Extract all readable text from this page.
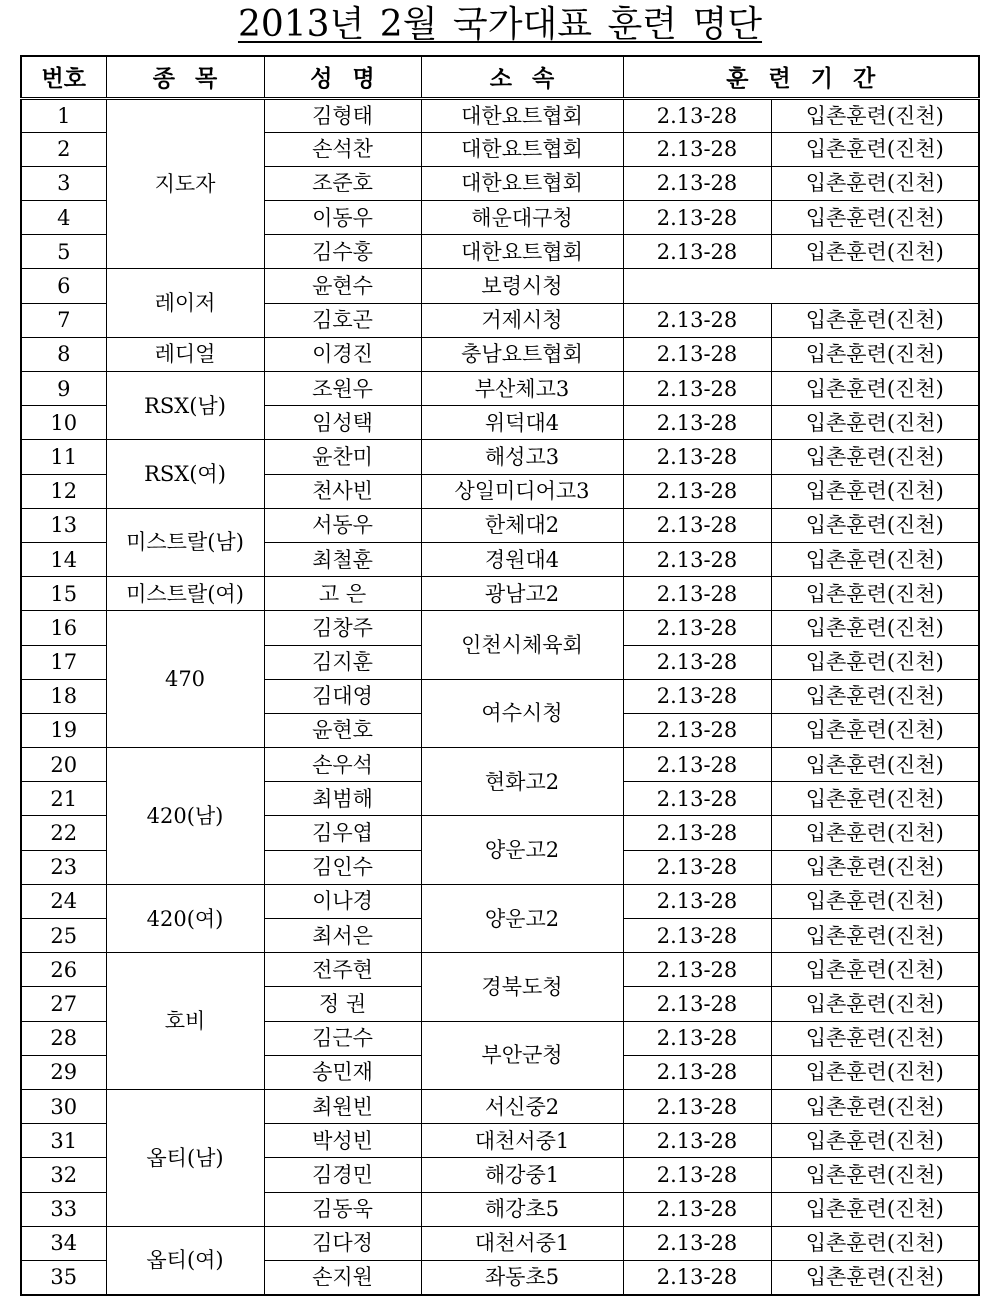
2013년 2월 국가대표 훈련 명단
번호	종 목	성 명	소 속	훈 련 기 간	
1	지도자	김형태	대한요트협회	2.13-28	입촌훈련(진천)
2		손석찬	대한요트협회	2.13-28	입촌훈련(진천)
3		조준호	대한요트협회	2.13-28	입촌훈련(진천)
4		이동우	해운대구청	2.13-28	입촌훈련(진천)
5		김수홍	대한요트협회	2.13-28	입촌훈련(진천)
6	레이저	윤현수	보령시청		
7		김호곤	거제시청	2.13-28	입촌훈련(진천)
8	레디얼	이경진	충남요트협회	2.13-28	입촌훈련(진천)
9	RSX(남)	조원우	부산체고3	2.13-28	입촌훈련(진천)
10		임성택	위덕대4	2.13-28	입촌훈련(진천)
11	RSX(여)	윤찬미	해성고3	2.13-28	입촌훈련(진천)
12		천사빈	상일미디어고3	2.13-28	입촌훈련(진천)
13	미스트랄(남)	서동우	한체대2	2.13-28	입촌훈련(진천)
14		최철훈	경원대4	2.13-28	입촌훈련(진천)
15	미스트랄(여)	고 은	광남고2	2.13-28	입촌훈련(진천)
16	470	김창주	인천시체육회	2.13-28	입촌훈련(진천)
17		김지훈		2.13-28	입촌훈련(진천)
18		김대영	여수시청	2.13-28	입촌훈련(진천)
19		윤현호		2.13-28	입촌훈련(진천)
20	420(남)	손우석	현화고2	2.13-28	입촌훈련(진천)
21		최범해		2.13-28	입촌훈련(진천)
22		김우엽	양운고2	2.13-28	입촌훈련(진천)
23		김인수		2.13-28	입촌훈련(진천)
24	420(여)	이나경	양운고2	2.13-28	입촌훈련(진천)
25		최서은		2.13-28	입촌훈련(진천)
26	호비	전주현	경북도청	2.13-28	입촌훈련(진천)
27		정 권		2.13-28	입촌훈련(진천)
28		김근수	부안군청	2.13-28	입촌훈련(진천)
29		송민재		2.13-28	입촌훈련(진천)
30	옵티(남)	최원빈	서신중2	2.13-28	입촌훈련(진천)
31		박성빈	대천서중1	2.13-28	입촌훈련(진천)
32		김경민	해강중1	2.13-28	입촌훈련(진천)
33		김동욱	해강초5	2.13-28	입촌훈련(진천)
34	옵티(여)	김다정	대천서중1	2.13-28	입촌훈련(진천)
35		손지원	좌동초5	2.13-28	입촌훈련(진천)
